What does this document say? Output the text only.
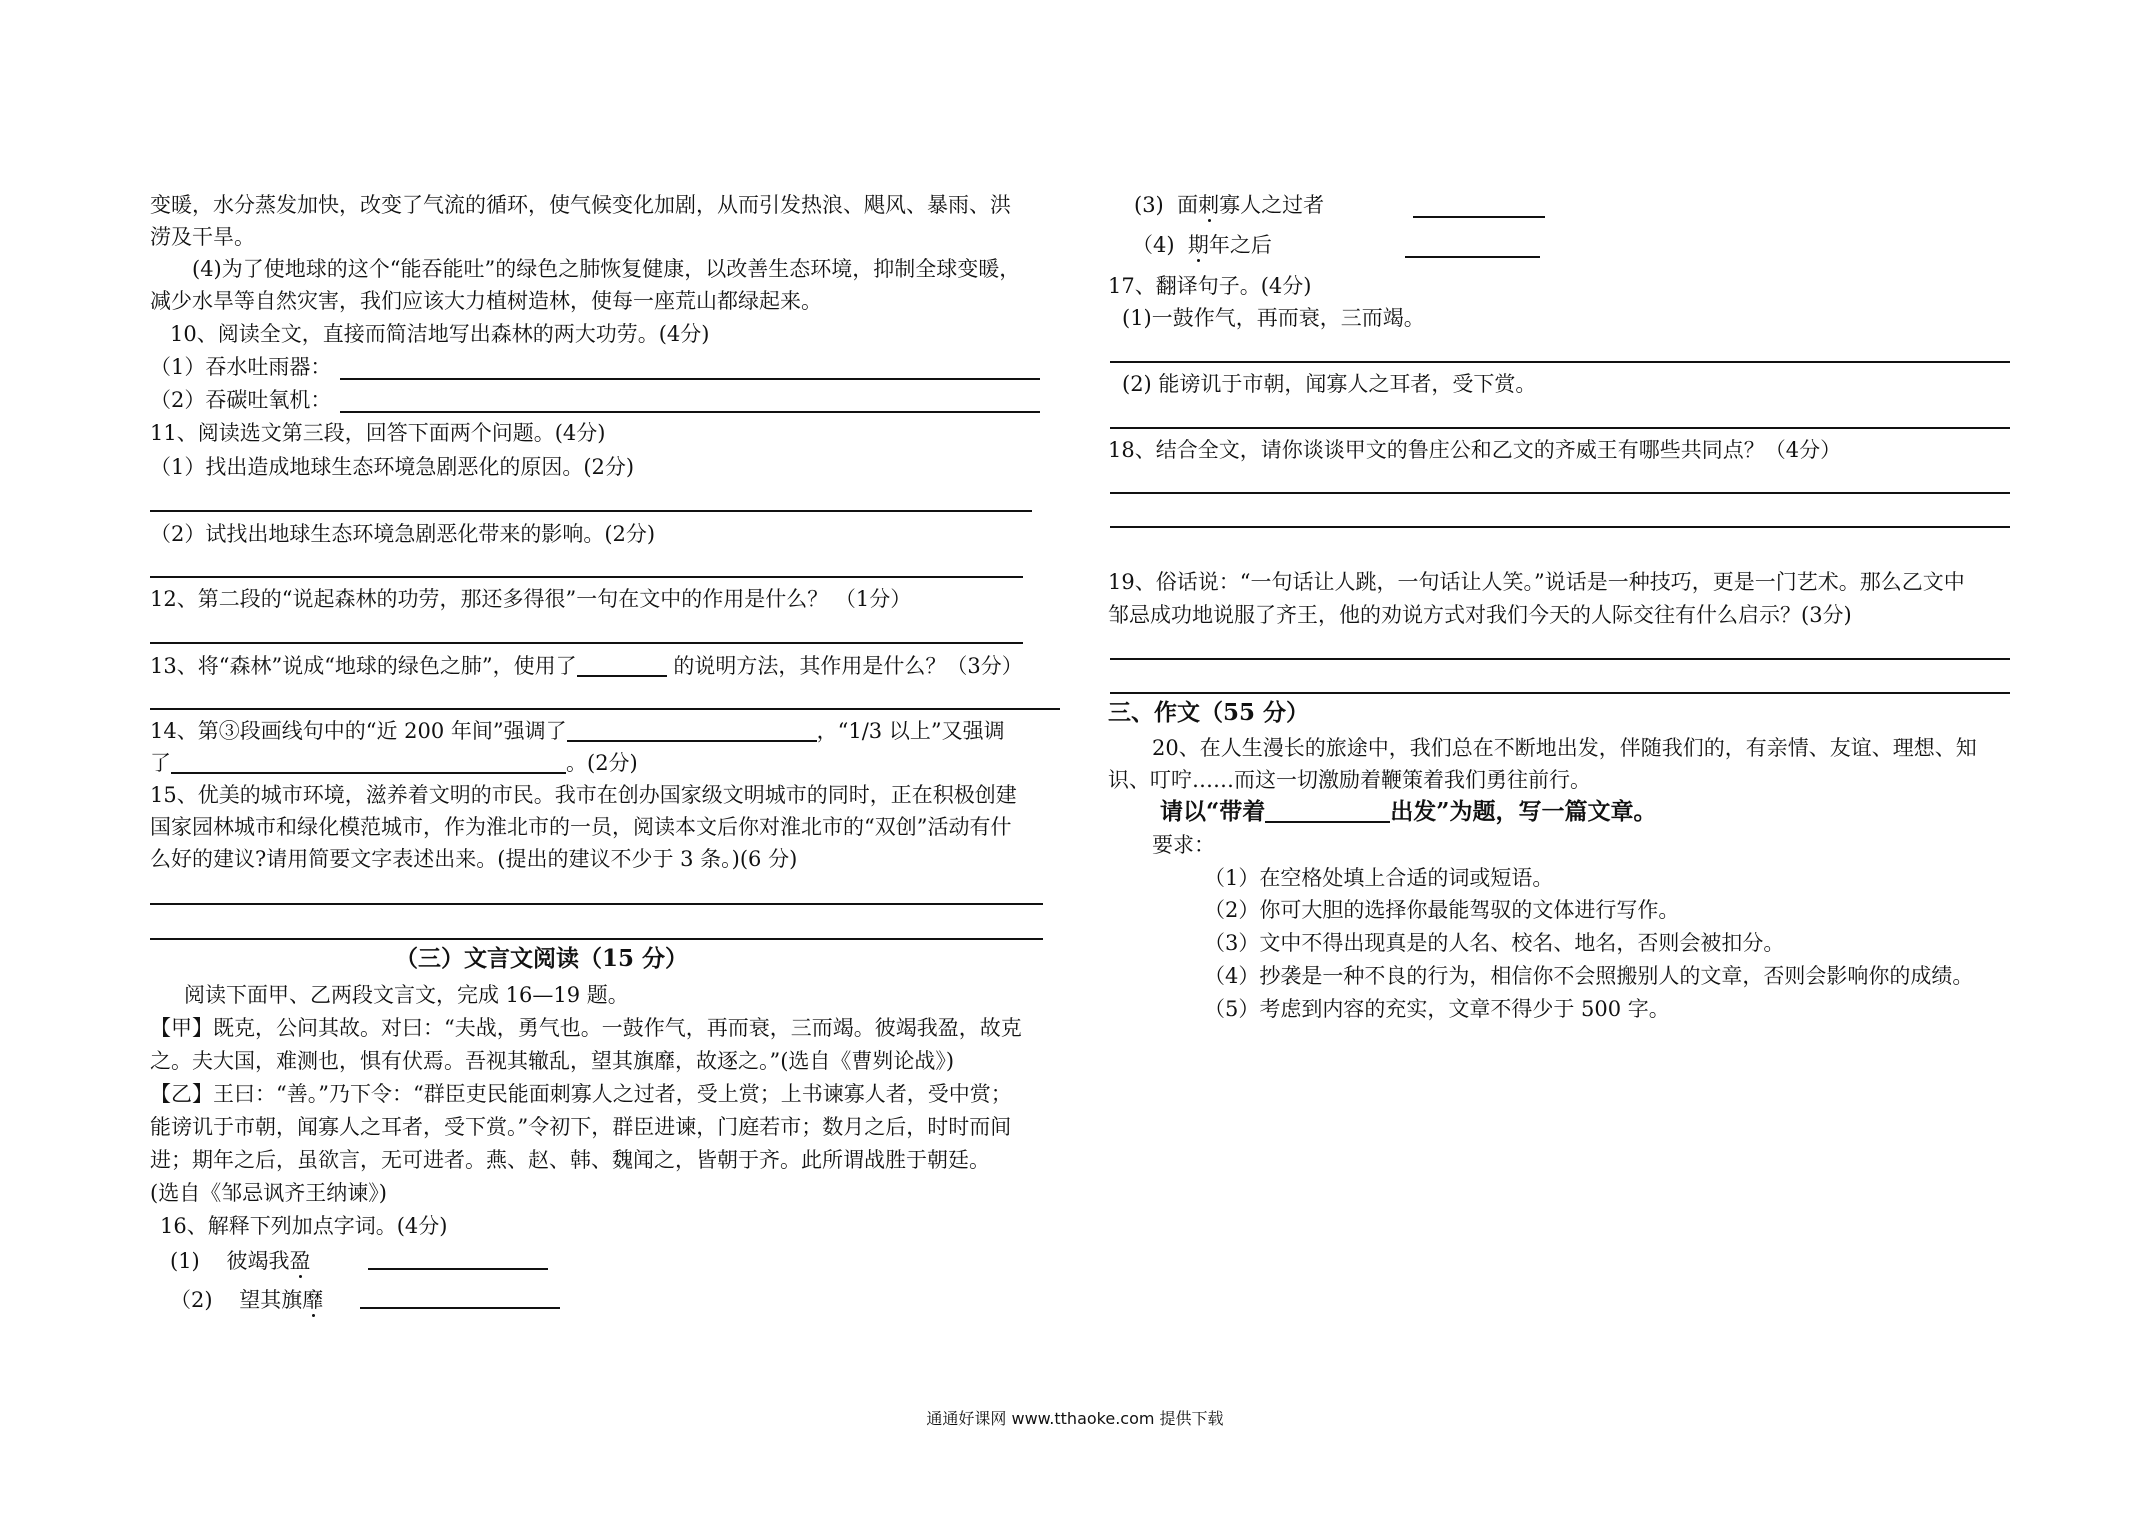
变暖，水分蒸发加快，改变了气流的循环，使气候变化加剧，从而引发热浪、飓风、暴雨、洪
涝及干旱。
(4)为了使地球的这个“能吞能吐”的绿色之肺恢复健康，以改善生态环境，抑制全球变暖，
减少水旱等自然灾害，我们应该大力植树造林，使每一座荒山都绿起来。
10、阅读全文，直接而简洁地写出森林的两大功劳。(4分)
（1）吞水吐雨器：
（2）吞碳吐氧机：
11、阅读选文第三段，回答下面两个问题。(4分)
（1）找出造成地球生态环境急剧恶化的原因。(2分)
（2）试找出地球生态环境急剧恶化带来的影响。(2分)
12、第二段的“说起森林的功劳，那还多得很”一句在文中的作用是什么？ （1分）
13、将“森林”说成“地球的绿色之肺”，使用了	的说明方法，其作用是什么？（3分）
14、第③段画线句中的“近 200 年间”强调了	，“1/3 以上”又强调
了	。(2分)
15、优美的城市环境，滋养着文明的市民。我市在创办国家级文明城市的同时，正在积极创建
国家园林城市和绿化模范城市，作为淮北市的一员，阅读本文后你对淮北市的“双创”活动有什
么好的建议?请用简要文字表述出来。(提出的建议不少于 3 条。)(6 分)
（三）文言文阅读（15 分）
阅读下面甲、乙两段文言文，完成 16—19 题。
【甲】既克，公问其故。对曰：“夫战，勇气也。一鼓作气，再而衰，三而竭。彼竭我盈，故克
之。夫大国，难测也，惧有伏焉。吾视其辙乱，望其旗靡，故逐之。”(选自《曹刿论战》)
【乙】王曰：“善。”乃下令：“群臣吏民能面刺寡人之过者，受上赏；上书谏寡人者，受中赏；
能谤讥于市朝，闻寡人之耳者，受下赏。”令初下，群臣进谏，门庭若市；数月之后，时时而间
进；期年之后，虽欲言，无可进者。燕、赵、韩、魏闻之，皆朝于齐。此所谓战胜于朝廷。
(选自《邹忌讽齐王纳谏》)
16、解释下列加点字词。(4分)
(1) 彼竭我盈
（2) 望其旗靡
(3) 面刺寡人之过者
（4) 期年之后
17、翻译句子。(4分)
(1)一鼓作气，再而衰，三而竭。
(2) 能谤讥于市朝，闻寡人之耳者，受下赏。
18、结合全文，请你谈谈甲文的鲁庄公和乙文的齐威王有哪些共同点？（4分）
19、俗话说：“一句话让人跳，一句话让人笑。”说话是一种技巧，更是一门艺术。那么乙文中
邹忌成功地说服了齐王，他的劝说方式对我们今天的人际交往有什么启示？(3分)
三、作文（55 分）
20、在人生漫长的旅途中，我们总在不断地出发，伴随我们的，有亲情、友谊、理想、知
识、叮咛……而这一切激励着鞭策着我们勇往前行。
请以“带着	出发”为题，写一篇文章。
要求：
（1）在空格处填上合适的词或短语。
（2）你可大胆的选择你最能驾驭的文体进行写作。
（3）文中不得出现真是的人名、校名、地名，否则会被扣分。
（4）抄袭是一种不良的行为，相信你不会照搬别人的文章，否则会影响你的成绩。
（5）考虑到内容的充实，文章不得少于 500 字。
通通好课网 www.tthaoke.com 提供下载
